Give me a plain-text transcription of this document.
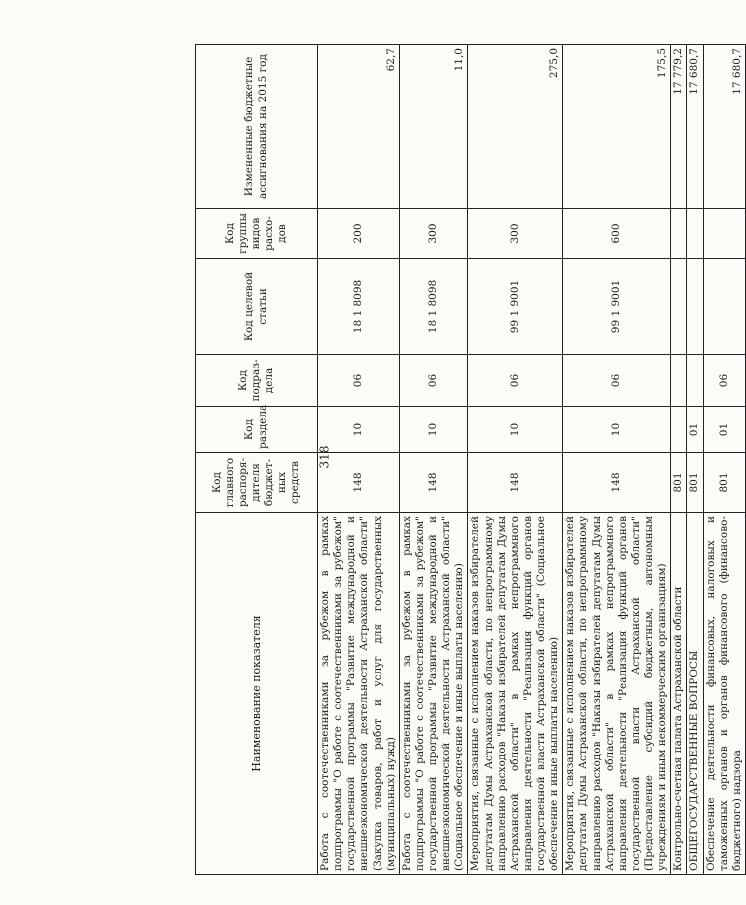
318
Наименование показателя	Код главного распоря- дителя бюджет- ных средств	Код раздела	Код подраз- дела	Код целевой статьи	Код группы видов расхо- дов	Измененные бюджетные ассигнования на 2015 год
Работа с соотечественниками за рубежом в рамках подпрограммы "О работе с соотечественниками за рубежом" государственной программы "Развитие международной и внешнеэкономической деятельности Астраханской области" (Закупка товаров, работ и услуг для государственных (муниципальных) нужд)	148	10	06	18 1 8098	200	62,7
Работа с соотечественниками за рубежом в рамках подпрограммы "О работе с соотечественниками за рубежом" государственной программы "Развитие международной и внешнеэкономической деятельности Астраханской области" (Социальное обеспечение и иные выплаты населению)	148	10	06	18 1 8098	300	11,0
Мероприятия, связанные с исполнением наказов избирателей депутатам Думы Астраханской области, по непрограммному направлению расходов "Наказы избирателей депутатам Думы Астраханской области" в рамках непрограммного направления деятельности "Реализация функций органов государственной власти Астраханской области" (Социальное обеспечение и иные выплаты населению)	148	10	06	99 1 9001	300	275,0
Мероприятия, связанные с исполнением наказов избирателей депутатам Думы Астраханской области, по непрограммному направлению расходов "Наказы избирателей депутатам Думы Астраханской области" в рамках непрограммного направления деятельности "Реализация функций органов государственной власти Астраханской области" (Предоставление субсидий бюджетным, автономным учреждениям и иным некоммерческим организациям)	148	10	06	99 1 9001	600	175,5
Контрольно-счетная палата Астраханской области	801					17 779,2
ОБЩЕГОСУДАРСТВЕННЫЕ ВОПРОСЫ	801	01				17 680,7
Обеспечение деятельности финансовых, налоговых и таможенных органов и органов финансового (финансово-бюджетного) надзора	801	01	06			17 680,7
